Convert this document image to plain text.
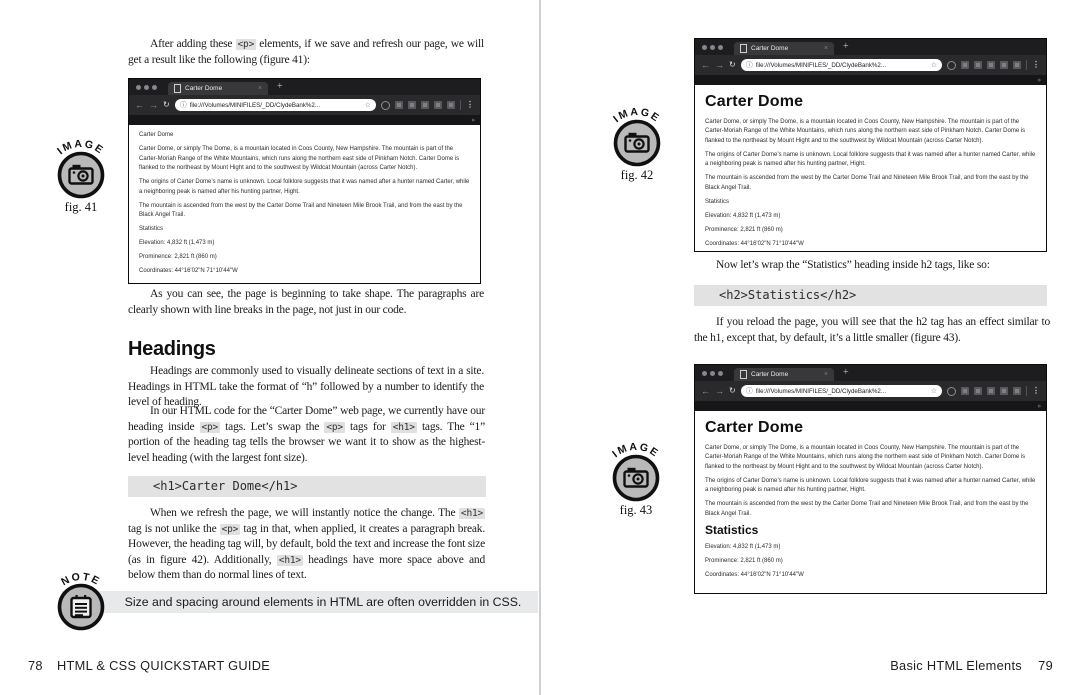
After adding these <p> elements, if we save and refresh our page, we will get a result like the following (figure 41):

IMAGE
fig. 41
Carter Dome	× +
← → ↻ ⓘ file:///Volumes/MINIFILES/_DD/ClydeBank%2...	☆	⋮
»

Carter Dome

Carter Dome, or simply The Dome, is a mountain located in Coos County, New Hampshire. The mountain is part of the Carter-Moriah Range of the White Mountains, which runs along the northern east side of Pinkham Notch. Carter Dome is flanked to the northeast by Mount Hight and to the southwest by Wildcat Mountain (across Carter Notch).

The origins of Carter Dome’s name is unknown. Local folklore suggests that it was named after a hunter named Carter, while a neighboring peak is named after his hunting partner, Hight.

The mountain is ascended from the west by the Carter Dome Trail and Nineteen Mile Brook Trail, and from the east by the Black Angel Trail.

Statistics

Elevation: 4,832 ft (1,473 m)

Prominence: 2,821 ft (860 m)

Coordinates: 44°16'02"N 71°10'44"W

As you can see, the page is beginning to take shape. The paragraphs are clearly shown with line breaks in the page, not just in our code.

Headings

Headings are commonly used to visually delineate sections of text in a site. Headings in HTML take the format of “h” followed by a number to identify the level of heading.

In our HTML code for the “Carter Dome” web page, we currently have our heading inside <p> tags. Let’s swap the <p> tags for <h1> tags. The “1” portion of the heading tag tells the browser we want it to show as the highest-level heading (with the largest font size).

<h1>Carter Dome</h1>

When we refresh the page, we will instantly notice the change. The <h1> tag is not unlike the <p> tag in that, when applied, it creates a paragraph break. However, the heading tag will, by default, bold the text and increase the font size (as in figure 42). Additionally, <h1> headings have more space above and below them than do normal lines of text.

Size and spacing around elements in HTML are often overridden in CSS.
NOTE
78 HTML & CSS QUICKSTART GUIDE
IMAGE
fig. 42
Carter Dome	× +
← → ↻ ⓘ file:///Volumes/MINIFILES/_DD/ClydeBank%2...	☆	⋮
»
Carter Dome

Carter Dome, or simply The Dome, is a mountain located in Coos County, New Hampshire. The mountain is part of the Carter-Moriah Range of the White Mountains, which runs along the northern east side of Pinkham Notch. Carter Dome is flanked to the northeast by Mount Hight and to the southwest by Wildcat Mountain (across Carter Notch).

The origins of Carter Dome’s name is unknown. Local folklore suggests that it was named after a hunter named Carter, while a neighboring peak is named after his hunting partner, Hight.

The mountain is ascended from the west by the Carter Dome Trail and Nineteen Mile Brook Trail, and from the east by the Black Angel Trail.

Statistics

Elevation: 4,832 ft (1,473 m)

Prominence: 2,821 ft (860 m)

Coordinates: 44°16'02"N 71°10'44"W

Now let’s wrap the “Statistics” heading inside h2 tags, like so:

<h2>Statistics</h2>

If you reload the page, you will see that the h2 tag has an effect similar to the h1, except that, by default, it’s a little smaller (figure 43).

IMAGE
fig. 43
Carter Dome	× +
← → ↻ ⓘ file:///Volumes/MINIFILES/_DD/ClydeBank%2...	☆	⋮
»
Carter Dome

Carter Dome, or simply The Dome, is a mountain located in Coos County, New Hampshire. The mountain is part of the Carter-Moriah Range of the White Mountains, which runs along the northern east side of Pinkham Notch. Carter Dome is flanked to the northeast by Mount Hight and to the southwest by Wildcat Mountain (across Carter Notch).

The origins of Carter Dome’s name is unknown. Local folklore suggests that it was named after a hunter named Carter, while a neighboring peak is named after his hunting partner, Hight.

The mountain is ascended from the west by the Carter Dome Trail and Nineteen Mile Brook Trail, and from the east by the Black Angel Trail.

Statistics

Elevation: 4,832 ft (1,473 m)

Prominence: 2,821 ft (860 m)

Coordinates: 44°16'02"N 71°10'44"W

Basic HTML Elements 79
